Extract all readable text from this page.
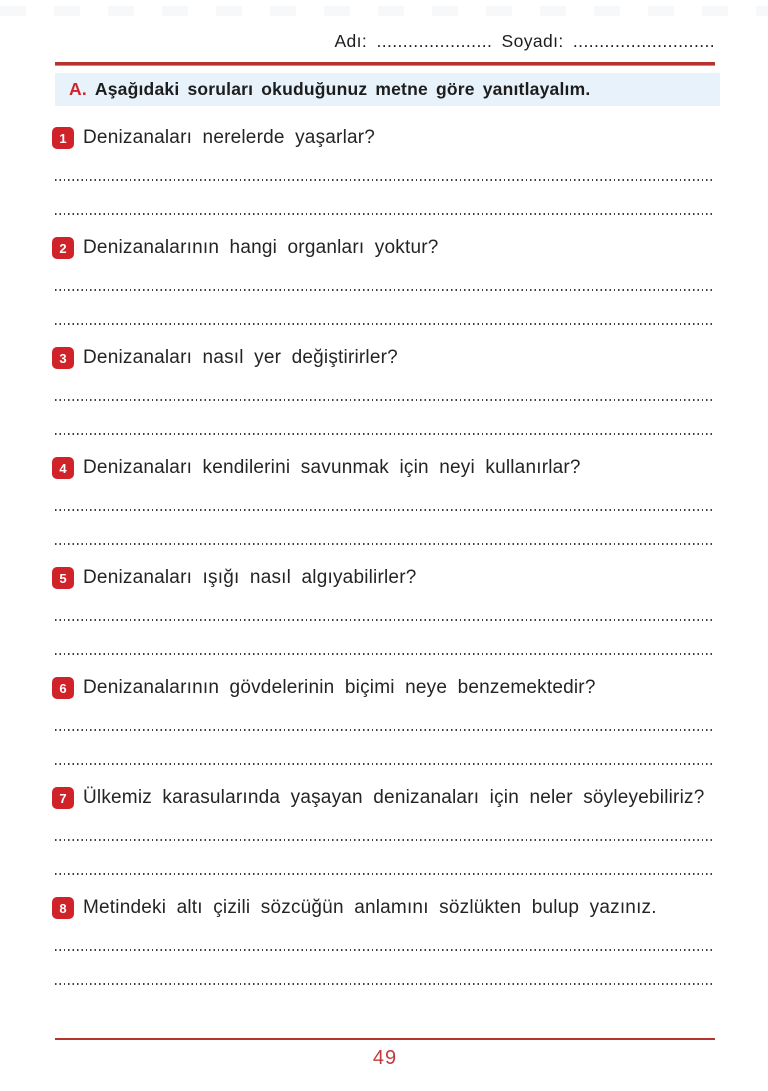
Adı: ...................... Soyadı: ...........................
A. Aşağıdaki soruları okuduğunuz metne göre yanıtlayalım.
1 Denizanaları nerelerde yaşarlar?
2 Denizanalarının hangi organları yoktur?
3 Denizanaları nasıl yer değiştirirler?
4 Denizanaları kendilerini savunmak için neyi kullanırlar?
5 Denizanaları ışığı nasıl algıyabilirler?
6 Denizanalarının gövdelerinin biçimi neye benzemektedir?
7 Ülkemiz karasularında yaşayan denizanaları için neler söyleyebiliriz?
8 Metindeki altı çizili sözcüğün anlamını sözlükten bulup yazınız.
49
